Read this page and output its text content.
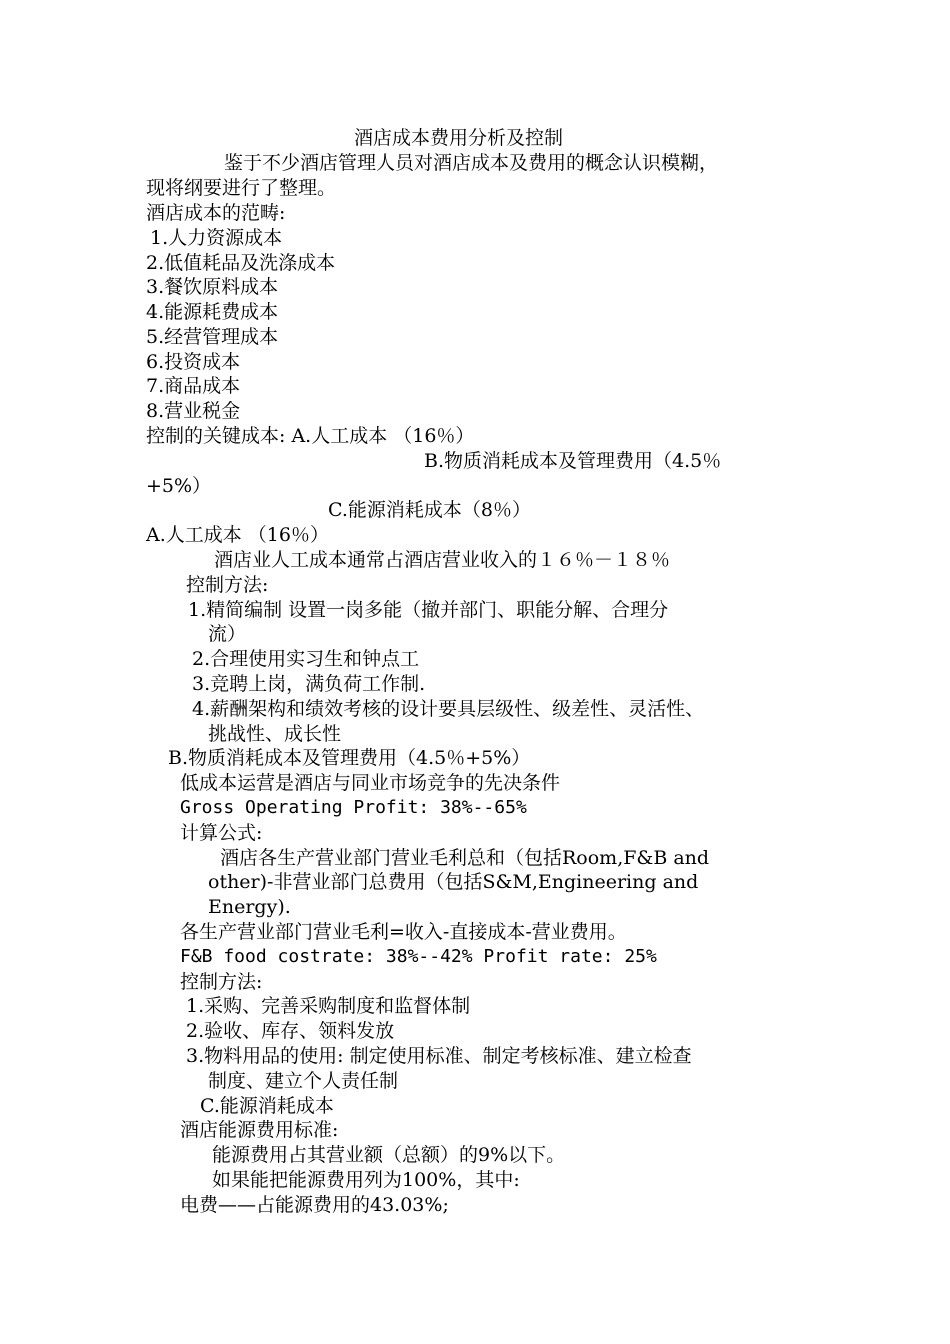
酒店成本费用分析及控制
鉴于不少酒店管理人员对酒店成本及费用的概念认识模糊，
现将纲要进行了整理。
酒店成本的范畴:
1.人力资源成本
2.低值耗品及洗涤成本
3.餐饮原料成本
4.能源耗费成本
5.经营管理成本
6.投资成本
7.商品成本
8.营业税金
控制的关键成本: A.人工成本 （16％）
B.物质消耗成本及管理费用（4.5％
+5%）
C.能源消耗成本（8％）
A.人工成本 （16％）
酒店业人工成本通常占酒店营业收入的１６％－１８％
控制方法:
1.精简编制 设置一岗多能（撤并部门、职能分解、合理分
流）
2.合理使用实习生和钟点工
3.竞聘上岗，满负荷工作制.
4.薪酬架构和绩效考核的设计要具层级性、级差性、灵活性、
挑战性、成长性
B.物质消耗成本及管理费用（4.5％+5%）
低成本运营是酒店与同业市场竞争的先决条件
Gross Operating Profit: 38%--65%
计算公式:
酒店各生产营业部门营业毛利总和（包括Room,F&B and
other)-非营业部门总费用（包括S&M,Engineering and
Energy).
各生产营业部门营业毛利=收入-直接成本-营业费用。
F&B food costrate: 38%--42% Profit rate: 25%
控制方法:
1.采购、完善采购制度和监督体制
2.验收、库存、领料发放
3.物料用品的使用: 制定使用标准、制定考核标准、建立检查
制度、建立个人责任制
C.能源消耗成本
酒店能源费用标准:
能源费用占其营业额（总额）的9%以下。
如果能把能源费用列为100%，其中:
电费——占能源费用的43.03%;
